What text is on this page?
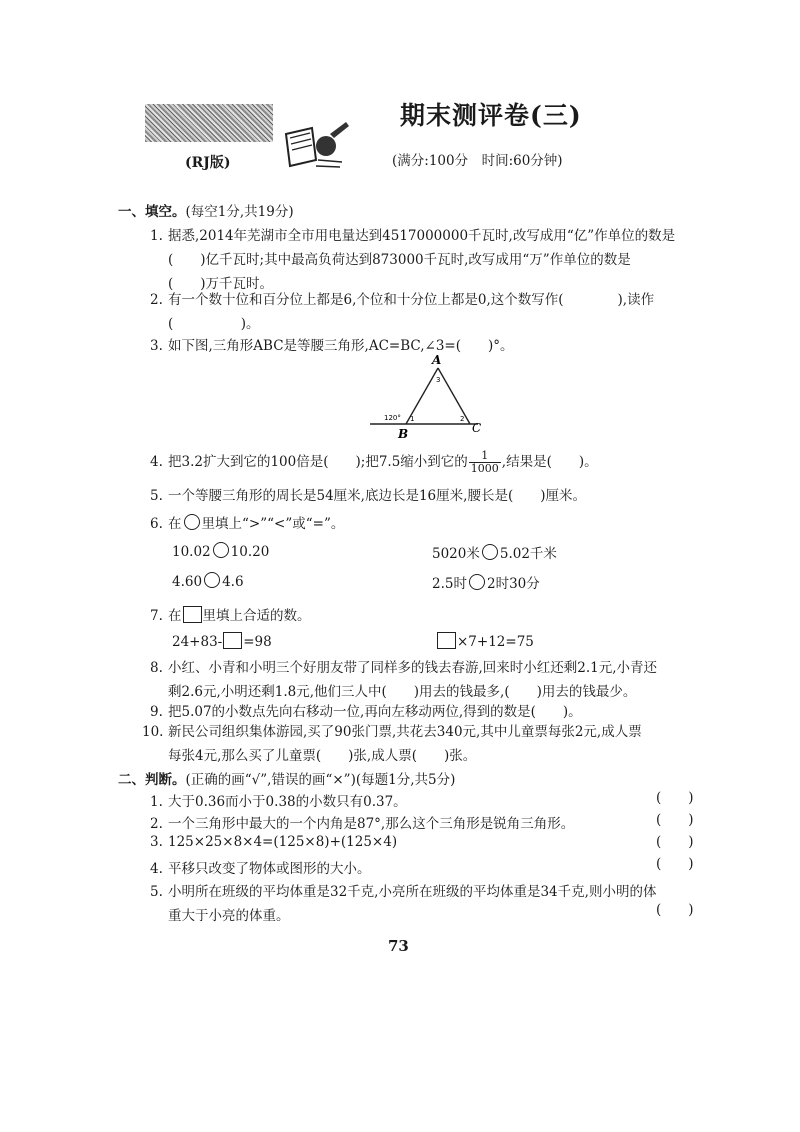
期末测评卷(三)
(RJ版)	(满分:100分　时间:60分钟)
一、填空。(每空1分,共19分)
1. 据悉,2014年芜湖市全市用电量达到4517000000千瓦时,改写成用“亿”作单位的数是
(　　)亿千瓦时;其中最高负荷达到873000千瓦时,改写成用“万”作单位的数是
(　　)万千瓦时。
2. 有一个数十位和百分位上都是6,个位和十分位上都是0,这个数写作(　　　　),读作
(　　　　　)。
3. 如下图,三角形ABC是等腰三角形,AC=BC,∠3=(　　)°。
A
B	C
120° 1	2
3
4. 把3.2扩大到它的100倍是(　　);把7.5缩小到它的 $\frac{1}{1000}$ ,结果是(　　)。
5. 一个等腰三角形的周长是54厘米,底边长是16厘米,腰长是(　　)厘米。
6. 在 里填上“>”“<”或“=”。
10.02 10.20	5020米 5.02千米
4.60 4.6	2.5时 2时30分
7. 在 里填上合适的数。
24+83- =98	×7+12=75
8. 小红、小青和小明三个好朋友带了同样多的钱去春游,回来时小红还剩2.1元,小青还
剩2.6元,小明还剩1.8元,他们三人中(　　)用去的钱最多,(　　)用去的钱最少。
9. 把5.07的小数点先向右移动一位,再向左移动两位,得到的数是(　　)。
10. 新民公司组织集体游园,买了90张门票,共花去340元,其中儿童票每张2元,成人票
每张4元,那么买了儿童票(　　)张,成人票(　　)张。
二、判断。(正确的画“√”,错误的画“×”)(每题1分,共5分)
1. 大于0.36而小于0.38的小数只有0.37。	(　　)
2. 一个三角形中最大的一个内角是87°,那么这个三角形是锐角三角形。	(　　)
3. 125×25×8×4=(125×8)+(125×4)	(　　)
4. 平移只改变了物体或图形的大小。	(　　)
5. 小明所在班级的平均体重是32千克,小亮所在班级的平均体重是34千克,则小明的体
重大于小亮的体重。	(　　)
73
